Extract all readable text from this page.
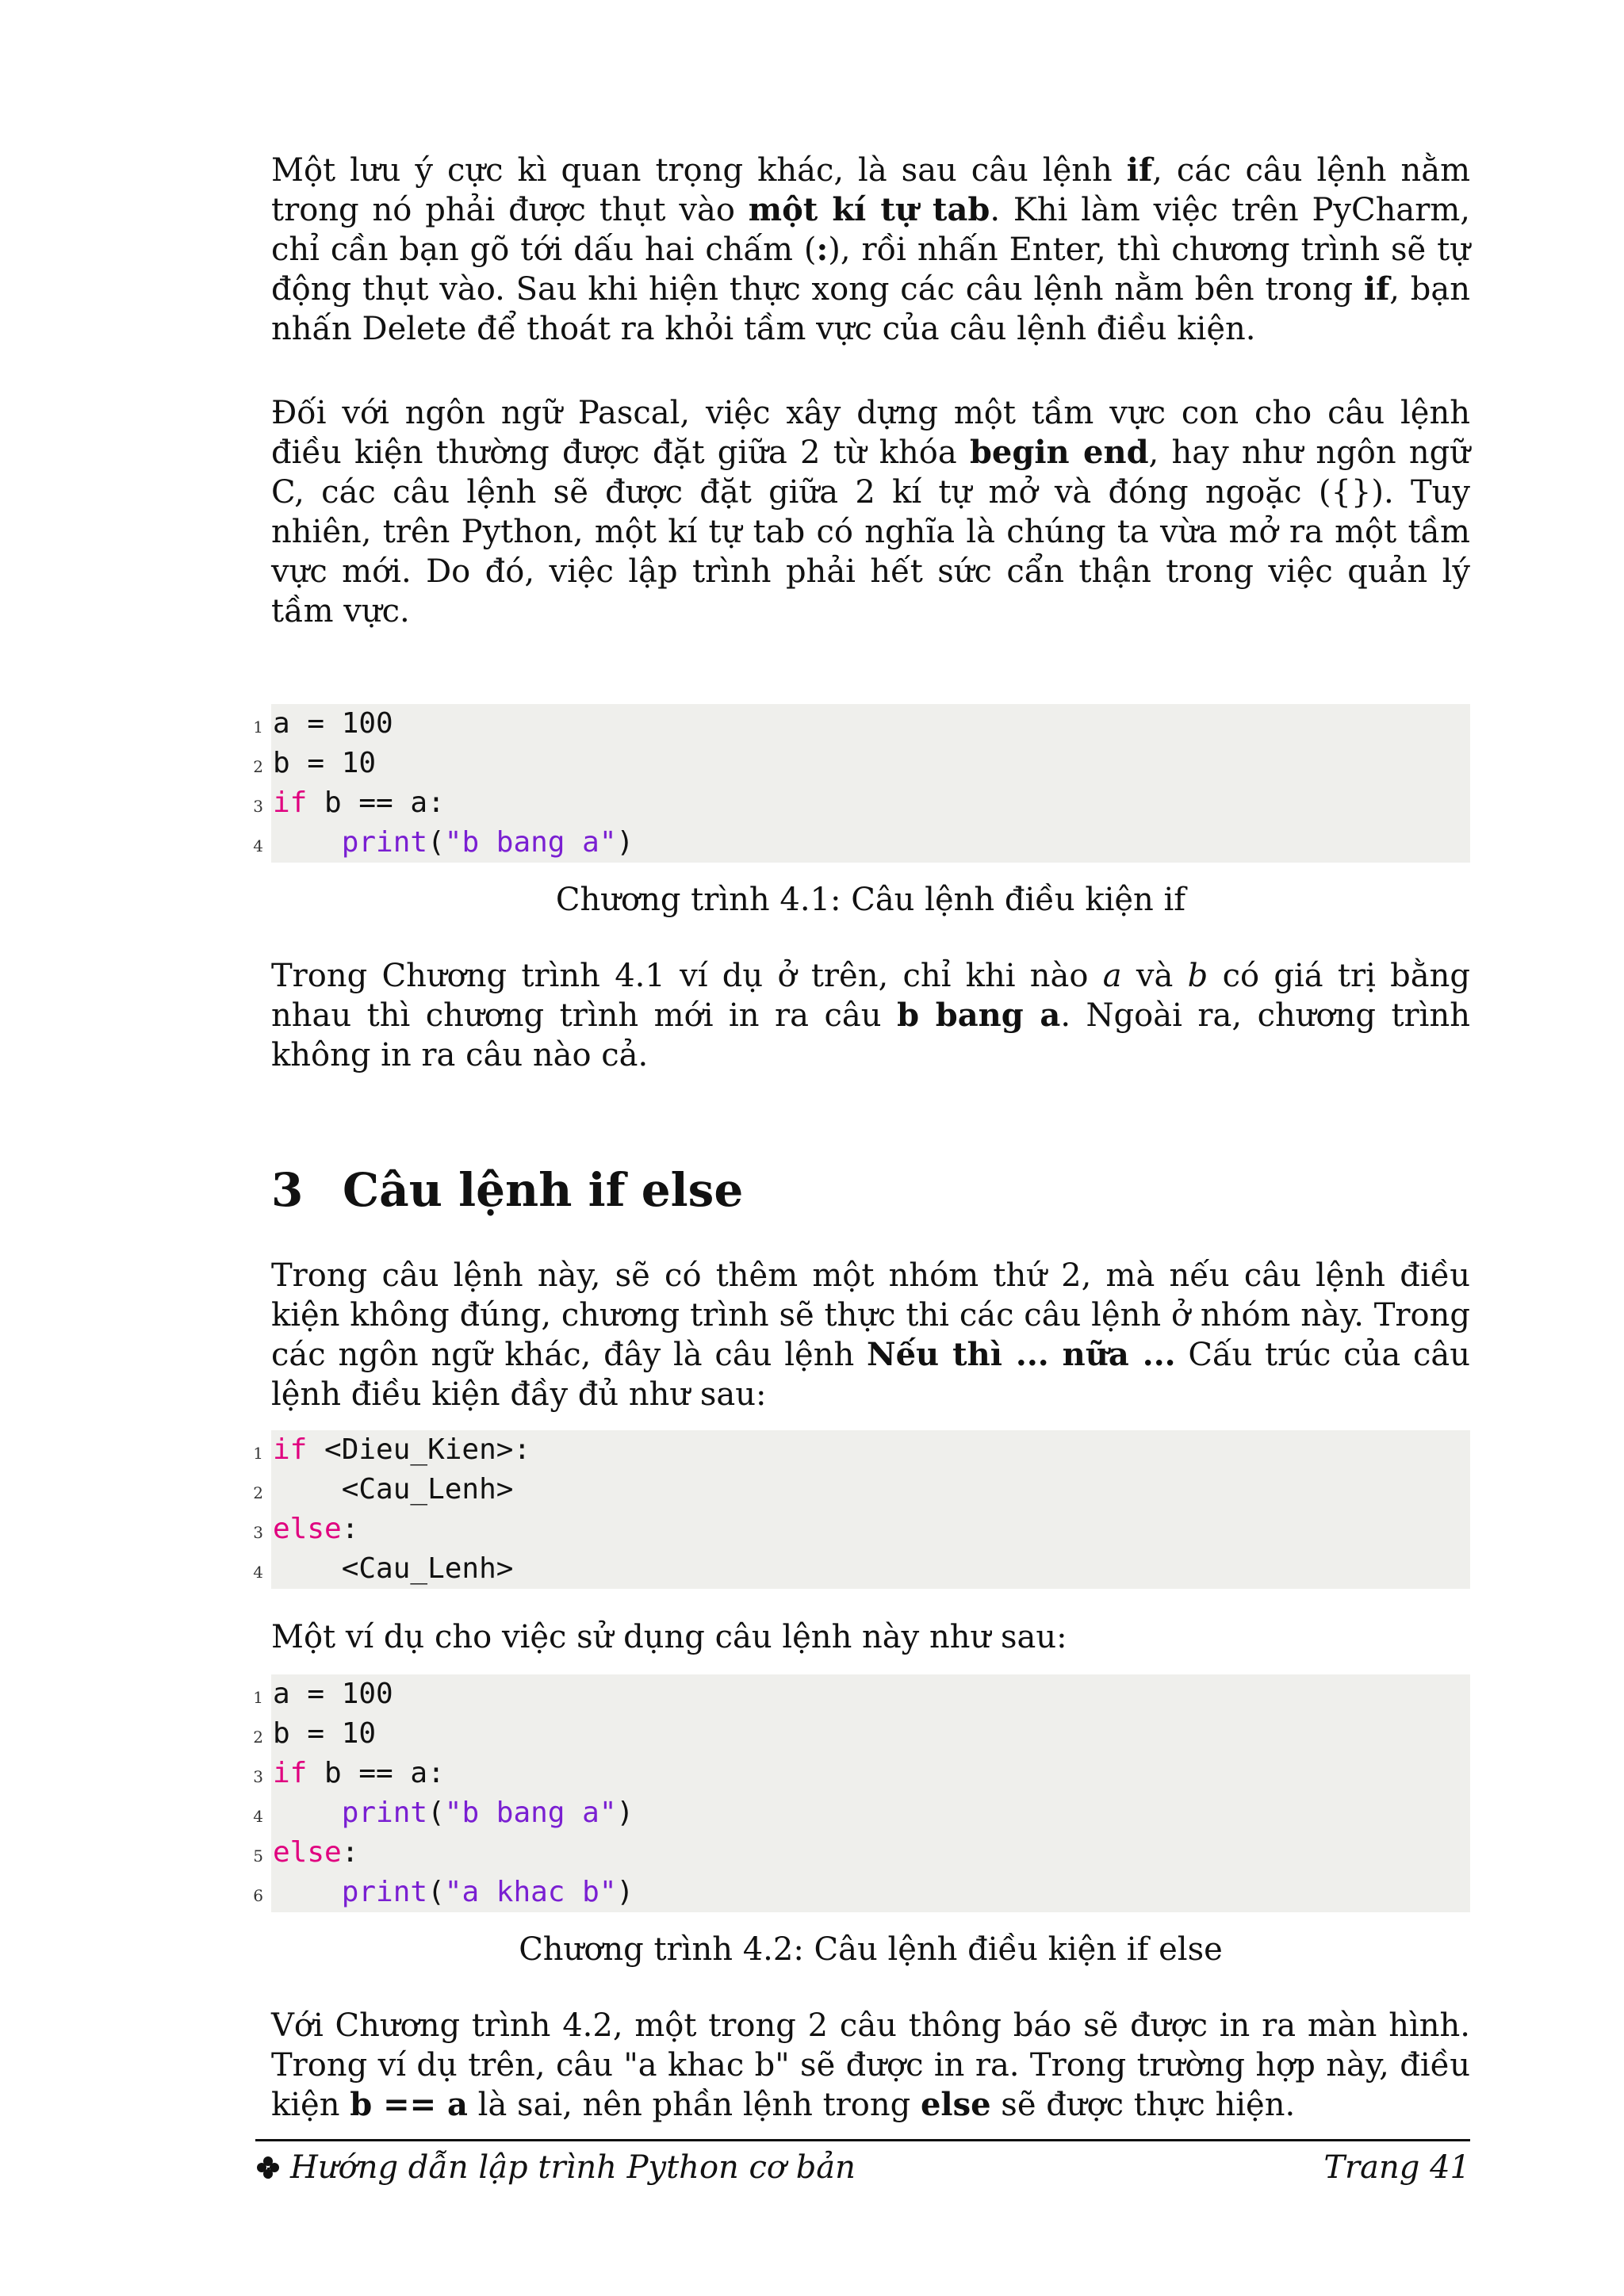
Một lưu ý cực kì quan trọng khác, là sau câu lệnh if, các câu lệnh nằm trong nó phải được thụt vào một kí tự tab. Khi làm việc trên PyCharm, chỉ cần bạn gõ tới dấu hai chấm (:), rồi nhấn Enter, thì chương trình sẽ tự động thụt vào. Sau khi hiện thực xong các câu lệnh nằm bên trong if, bạn nhấn Delete để thoát ra khỏi tầm vực của câu lệnh điều kiện.

Đối với ngôn ngữ Pascal, việc xây dựng một tầm vực con cho câu lệnh điều kiện thường được đặt giữa 2 từ khóa begin end, hay như ngôn ngữ C, các câu lệnh sẽ được đặt giữa 2 kí tự mở và đóng ngoặc ({}). Tuy nhiên, trên Python, một kí tự tab có nghĩa là chúng ta vừa mở ra một tầm vực mới. Do đó, việc lập trình phải hết sức cẩn thận trong việc quản lý tầm vực.

1 a = 100
2 b = 10
3 if b == a:
4	print("b bang a")

Chương trình 4.1: Câu lệnh điều kiện if

Trong Chương trình 4.1 ví dụ ở trên, chỉ khi nào a và b có giá trị bằng nhau thì chương trình mới in ra câu b bang a. Ngoài ra, chương trình không in ra câu nào cả.

3 Câu lệnh if else

Trong câu lệnh này, sẽ có thêm một nhóm thứ 2, mà nếu câu lệnh điều kiện không đúng, chương trình sẽ thực thi các câu lệnh ở nhóm này. Trong các ngôn ngữ khác, đây là câu lệnh Nếu thì ... nữa ... Cấu trúc của câu lệnh điều kiện đầy đủ như sau:

1 if <Dieu_Kien>:
2 <Cau_Lenh>
3 else:
4 <Cau_Lenh>

Một ví dụ cho việc sử dụng câu lệnh này như sau:

1 a = 100
2 b = 10
3 if b == a:
4	print("b bang a")
5 else:
6	print("a khac b")

Chương trình 4.2: Câu lệnh điều kiện if else

Với Chương trình 4.2, một trong 2 câu thông báo sẽ được in ra màn hình. Trong ví dụ trên, câu "a khac b" sẽ được in ra. Trong trường hợp này, điều kiện b == a là sai, nên phần lệnh trong else sẽ được thực hiện.

Hướng dẫn lập trình Python cơ bản	Trang 41
